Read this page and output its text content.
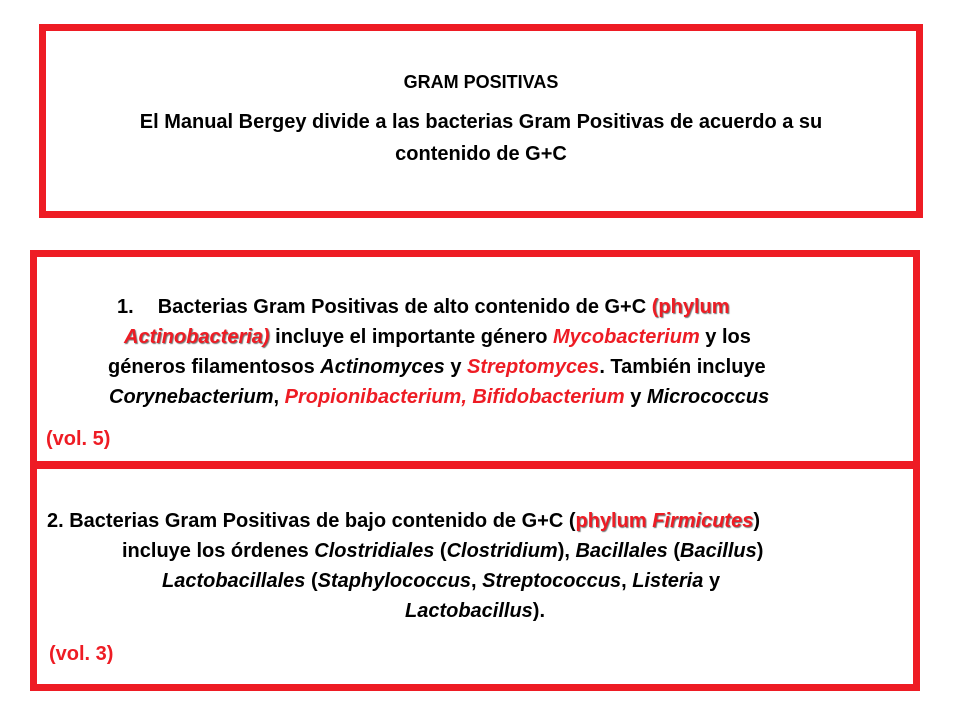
GRAM POSITIVAS

El Manual Bergey divide a las bacterias Gram Positivas de acuerdo a su

contenido de G+C

1. Bacterias Gram Positivas de alto contenido de G+C (phylum

Actinobacteria) incluye el importante género Mycobacterium y los

géneros filamentosos Actinomyces y Streptomyces. También incluye

Corynebacterium, Propionibacterium, Bifidobacterium y Micrococcus

(vol. 5)

2. Bacterias Gram Positivas de bajo contenido de G+C (phylum Firmicutes)

incluye los órdenes Clostridiales (Clostridium), Bacillales (Bacillus)

Lactobacillales (Staphylococcus, Streptococcus, Listeria y

Lactobacillus).

(vol. 3)
